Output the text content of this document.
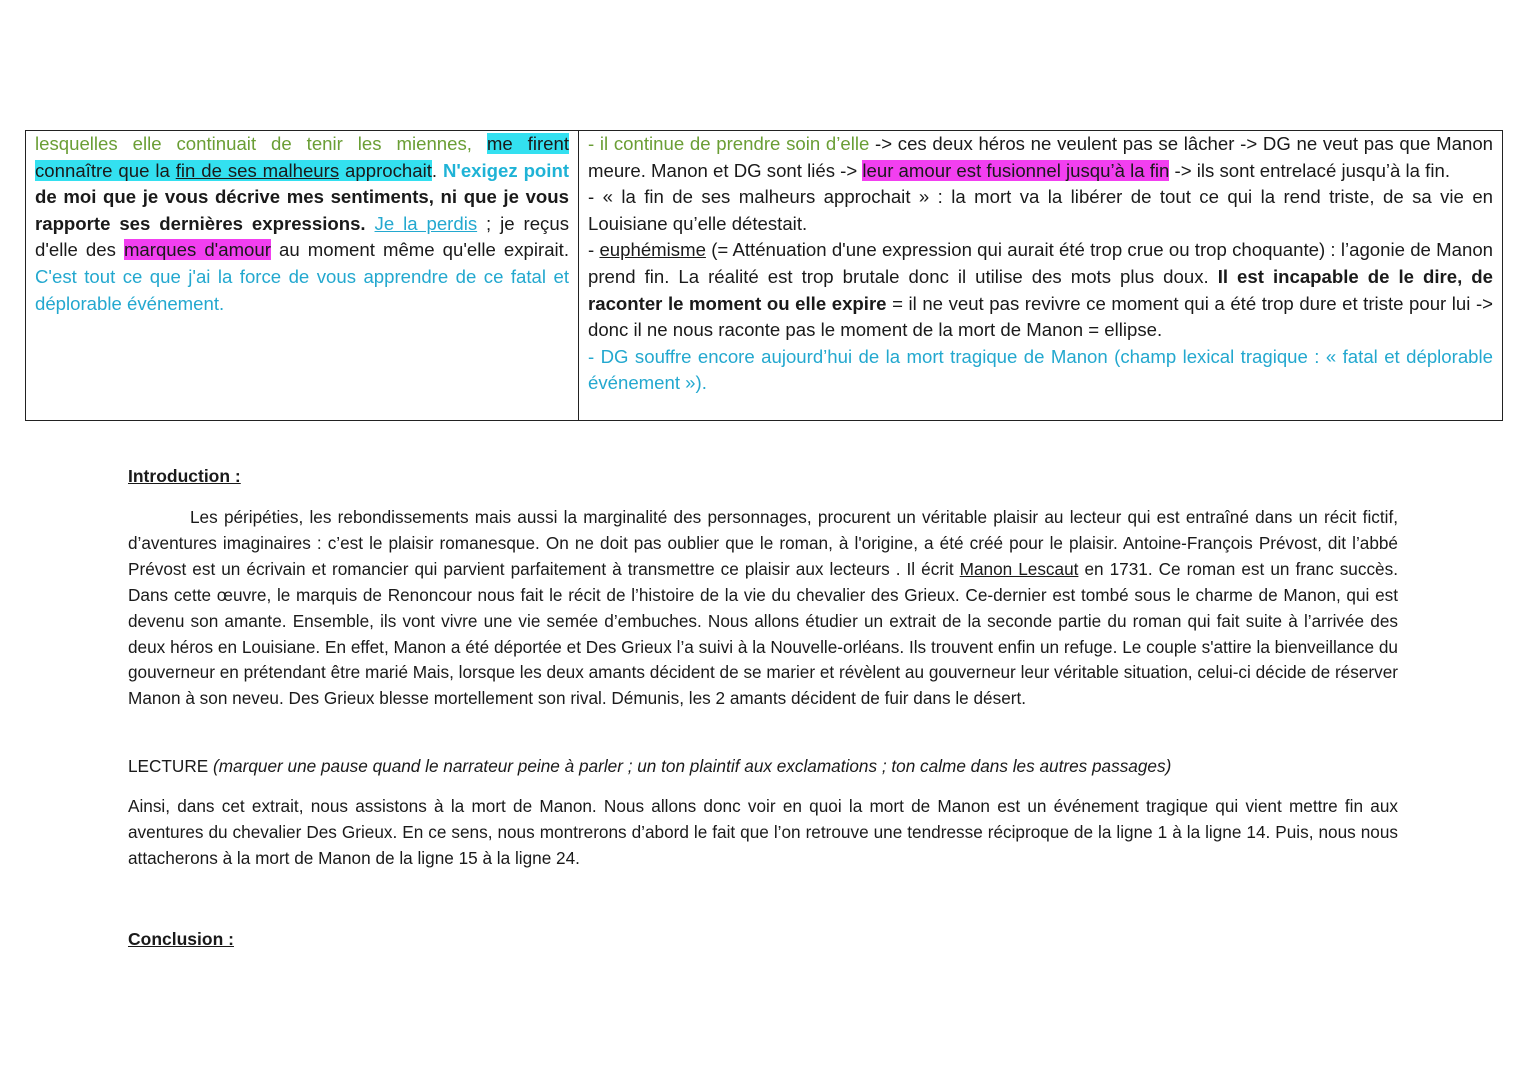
lesquelles elle continuait de tenir les miennes, me firent connaître que la fin de ses malheurs approchait. N'exigez point de moi que je vous décrive mes sentiments, ni que je vous rapporte ses dernières expressions. Je la perdis ; je reçus d'elle des marques d'amour au moment même qu'elle expirait. C'est tout ce que j'ai la force de vous apprendre de ce fatal et déplorable événement.
- il continue de prendre soin d’elle -> ces deux héros ne veulent pas se lâcher -> DG ne veut pas que Manon meure. Manon et DG sont liés -> leur amour est fusionnel jusqu’à la fin -> ils sont entrelacé jusqu’à la fin.
- « la fin de ses malheurs approchait » : la mort va la libérer de tout ce qui la rend triste, de sa vie en Louisiane qu’elle détestait.
- euphémisme (= Atténuation d'une expression qui aurait été trop crue ou trop choquante) : l’agonie de Manon prend fin. La réalité est trop brutale donc il utilise des mots plus doux. Il est incapable de le dire, de raconter le moment ou elle expire = il ne veut pas revivre ce moment qui a été trop dure et triste pour lui -> donc il ne nous raconte pas le moment de la mort de Manon = ellipse.
- DG souffre encore aujourd’hui de la mort tragique de Manon (champ lexical tragique : « fatal et déplorable événement »).
Introduction :
Les péripéties, les rebondissements mais aussi la marginalité des personnages, procurent un véritable plaisir au lecteur qui est entraîné dans un récit fictif, d’aventures imaginaires : c’est le plaisir romanesque. On ne doit pas oublier que le roman, à l'origine, a été créé pour le plaisir. Antoine-François Prévost, dit l’abbé Prévost est un écrivain et romancier qui parvient parfaitement à transmettre ce plaisir aux lecteurs . Il écrit Manon Lescaut en 1731. Ce roman est un franc succès. Dans cette œuvre, le marquis de Renoncour nous fait le récit de l’histoire de la vie du chevalier des Grieux. Ce-dernier est tombé sous le charme de Manon, qui est devenu son amante. Ensemble, ils vont vivre une vie semée d’embuches. Nous allons étudier un extrait de la seconde partie du roman qui fait suite à l’arrivée des deux héros en Louisiane. En effet, Manon a été déportée et Des Grieux l’a suivi à la Nouvelle-orléans. Ils trouvent enfin un refuge. Le couple s'attire la bienveillance du gouverneur en prétendant être marié Mais, lorsque les deux amants décident de se marier et révèlent au gouverneur leur véritable situation, celui-ci décide de réserver Manon à son neveu. Des Grieux blesse mortellement son rival. Démunis, les 2 amants décident de fuir dans le désert.
LECTURE (marquer une pause quand le narrateur peine à parler ; un ton plaintif aux exclamations ; ton calme dans les autres passages)
Ainsi, dans cet extrait, nous assistons à la mort de Manon. Nous allons donc voir en quoi la mort de Manon est un événement tragique qui vient mettre fin aux aventures du chevalier Des Grieux. En ce sens, nous montrerons d’abord le fait que l’on retrouve une tendresse réciproque de la ligne 1 à la ligne 14. Puis, nous nous attacherons à la mort de Manon de la ligne 15 à la ligne 24.
Conclusion :
